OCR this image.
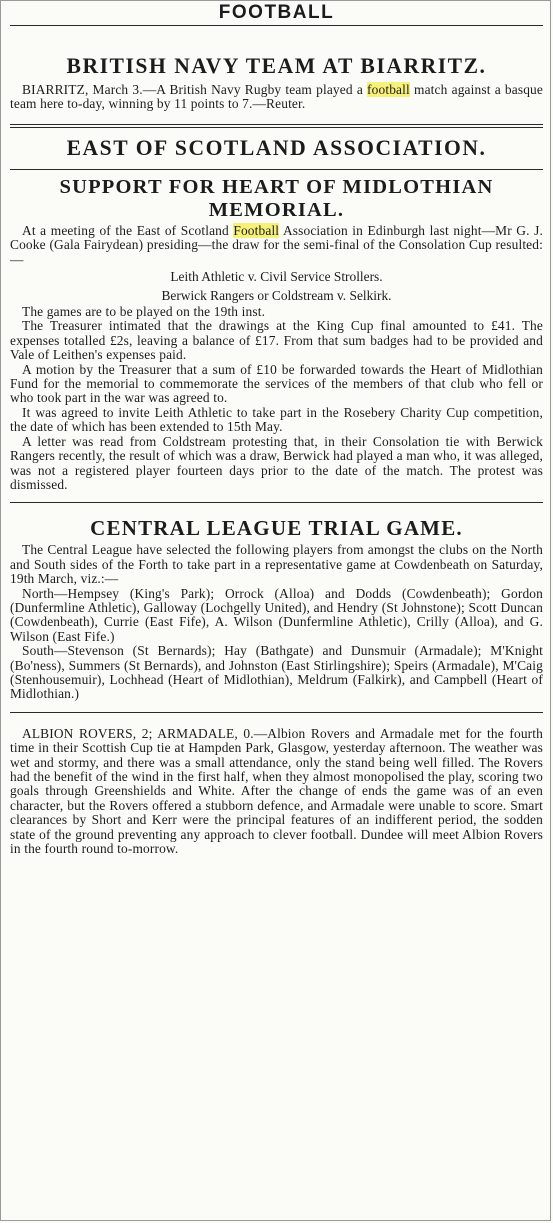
FOOTBALL
BRITISH NAVY TEAM AT BIARRITZ.

BIARRITZ, March 3.—A British Navy Rugby team played a football match against a basque team here to-day, winning by 11 points to 7.—Reuter.

EAST OF SCOTLAND ASSOCIATION.
SUPPORT FOR HEART OF MIDLOTHIAN
MEMORIAL.

At a meeting of the East of Scotland Football Association in Edinburgh last night—Mr G. J. Cooke (Gala Fairydean) presiding—the draw for the semi-final of the Consolation Cup resulted:—

Leith Athletic v. Civil Service Strollers.

Berwick Rangers or Coldstream v. Selkirk.

The games are to be played on the 19th inst.

The Treasurer intimated that the drawings at the King Cup final amounted to £41. The expenses totalled £2s, leaving a balance of £17. From that sum badges had to be provided and Vale of Leithen's expenses paid.

A motion by the Treasurer that a sum of £10 be forwarded towards the Heart of Midlothian Fund for the memorial to commemorate the services of the members of that club who fell or who took part in the war was agreed to.

It was agreed to invite Leith Athletic to take part in the Rosebery Charity Cup competition, the date of which has been extended to 15th May.

A letter was read from Coldstream protesting that, in their Consolation tie with Berwick Rangers recently, the result of which was a draw, Berwick had played a man who, it was alleged, was not a registered player fourteen days prior to the date of the match. The protest was dismissed.

CENTRAL LEAGUE TRIAL GAME.

The Central League have selected the following players from amongst the clubs on the North and South sides of the Forth to take part in a representative game at Cowdenbeath on Saturday, 19th March, viz.:—

North—Hempsey (King's Park); Orrock (Alloa) and Dodds (Cowdenbeath); Gordon (Dunfermline Athletic), Galloway (Lochgelly United), and Hendry (St Johnstone); Scott Duncan (Cowdenbeath), Currie (East Fife), A. Wilson (Dunfermline Athletic), Crilly (Alloa), and G. Wilson (East Fife.)

South—Stevenson (St Bernards); Hay (Bathgate) and Dunsmuir (Armadale); M'Knight (Bo'ness), Summers (St Bernards), and Johnston (East Stirlingshire); Speirs (Armadale), M'Caig (Stenhousemuir), Lochhead (Heart of Midlothian), Meldrum (Falkirk), and Campbell (Heart of Midlothian.)

ALBION ROVERS, 2; ARMADALE, 0.—Albion Rovers and Armadale met for the fourth time in their Scottish Cup tie at Hampden Park, Glasgow, yesterday afternoon. The weather was wet and stormy, and there was a small attendance, only the stand being well filled. The Rovers had the benefit of the wind in the first half, when they almost monopolised the play, scoring two goals through Greenshields and White. After the change of ends the game was of an even character, but the Rovers offered a stubborn defence, and Armadale were unable to score. Smart clearances by Short and Kerr were the principal features of an indifferent period, the sodden state of the ground preventing any approach to clever football. Dundee will meet Albion Rovers in the fourth round to-morrow.
